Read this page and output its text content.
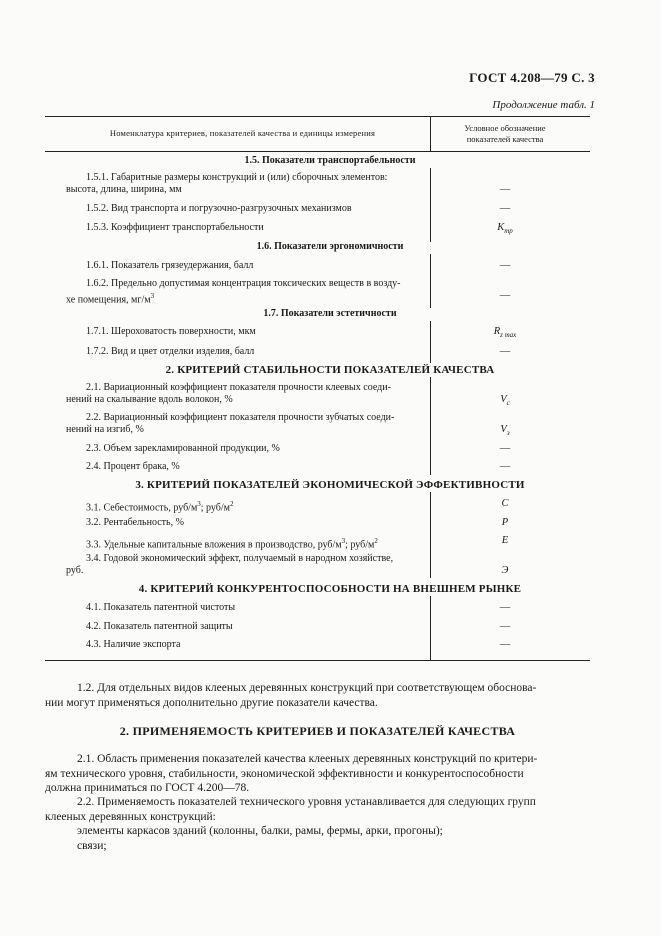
ГОСТ 4.208—79 С. 3
Продолжение табл. 1
Номенклатура критериев, показателей качества и единицы измерения	Условное обозначение
показателей качества
1.5. Показатели транспортабельности
1.5.1. Габаритные размеры конструкций и (или) сборочных элементов:
высота, длина, ширина, мм	—
1.5.2. Вид транспорта и погрузочно-разгрузочных механизмов	—
1.5.3. Коэффициент транспортабельности	$K_{тр}$
1.6. Показатели эргономичности
1.6.1. Показатель грязеудержания, балл	—
1.6.2. Предельно допустимая концентрация токсических веществ в возду-
хе помещения, $мг/м^3$	—
1.7. Показатели эстетичности
1.7.1. Шероховатость поверхности, мкм	$R_{z max}$
1.7.2. Вид и цвет отделки изделия, балл	—
2. КРИТЕРИЙ СТАБИЛЬНОСТИ ПОКАЗАТЕЛЕЙ КАЧЕСТВА
2.1. Вариационный коэффициент показателя прочности клеевых соеди-
нений на скалывание вдоль волокон, %	$V_c$
2.2. Вариационный коэффициент показателя прочности зубчатых соеди-
нений на изгиб, %	$V_з$
2.3. Объем зарекламированной продукции, %	—
2.4. Процент брака, %	—
3. КРИТЕРИЙ ПОКАЗАТЕЛЕЙ ЭКОНОМИЧЕСКОЙ ЭФФЕКТИВНОСТИ
3.1. Себестоимость, руб/$м^3$; руб/$м^2$	С
3.2. Рентабельность, %	Р
3.3. Удельные капитальные вложения в производство, руб/$м^3$; руб/$м^2$	Е
3.4. Годовой экономический эффект, получаемый в народном хозяйстве,
руб.	Э
4. КРИТЕРИЙ КОНКУРЕНТОСПОСОБНОСТИ НА ВНЕШНЕМ РЫНКЕ
4.1. Показатель патентной чистоты	—
4.2. Показатель патентной защиты	—
4.3. Наличие экспорта	—
1.2. Для отдельных видов клееных деревянных конструкций при соответствующем обоснова-
нии могут применяться дополнительно другие показатели качества.
2. ПРИМЕНЯЕМОСТЬ КРИТЕРИЕВ И ПОКАЗАТЕЛЕЙ КАЧЕСТВА
2.1. Область применения показателей качества клееных деревянных конструкций по критери-
ям технического уровня, стабильности, экономической эффективности и конкурентоспособности
должна приниматься по ГОСТ 4.200—78.
2.2. Применяемость показателей технического уровня устанавливается для следующих групп
клееных деревянных конструкций:
элементы каркасов зданий (колонны, балки, рамы, фермы, арки, прогоны);
связи;
